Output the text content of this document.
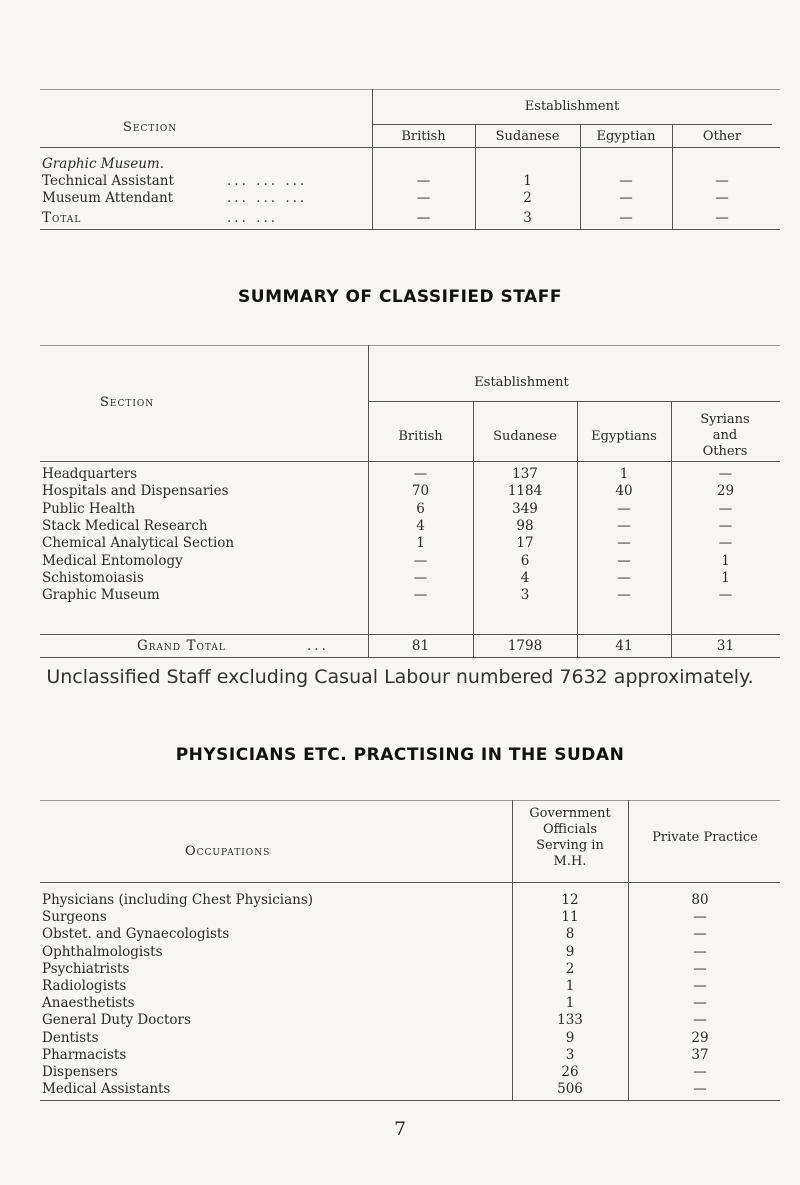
Section
Establishment
British	Sudanese	Egyptian	Other
Graphic Museum.
Technical Assistant	... ... ...	—	1	—	—
Museum Attendant	... ... ...	—	2	—	—
Total	... ...	—	3	—	—
SUMMARY OF CLASSIFIED STAFF
Section
Establishment
British	Sudanese	Egyptians
Syrians and Others
Headquarters	—	137	1	—
Hospitals and Dispensaries	70	1184	40	29
Public Health	6	349	—	—
Stack Medical Research	4	98	—	—
Chemical Analytical Section	1	17	—	—
Medical Entomology	—	6	—	1
Schistomoiasis	—	4	—	1
Graphic Museum	—	3	—	—
Grand Total	...	81	1798	41	31
Unclassified Staff excluding Casual Labour numbered 7632 approximately.
PHYSICIANS ETC. PRACTISING IN THE SUDAN
Occupations
Government Officials Serving in M.H.
Private Practice
Physicians (including Chest Physicians)	12	80
Surgeons	11	—
Obstet. and Gynaecologists	8	—
Ophthalmologists	9	—
Psychiatrists	2	—
Radiologists	1	—
Anaesthetists	1	—
General Duty Doctors	133	—
Dentists	9	29
Pharmacists	3	37
Dispensers	26	—
Medical Assistants	506	—
7
